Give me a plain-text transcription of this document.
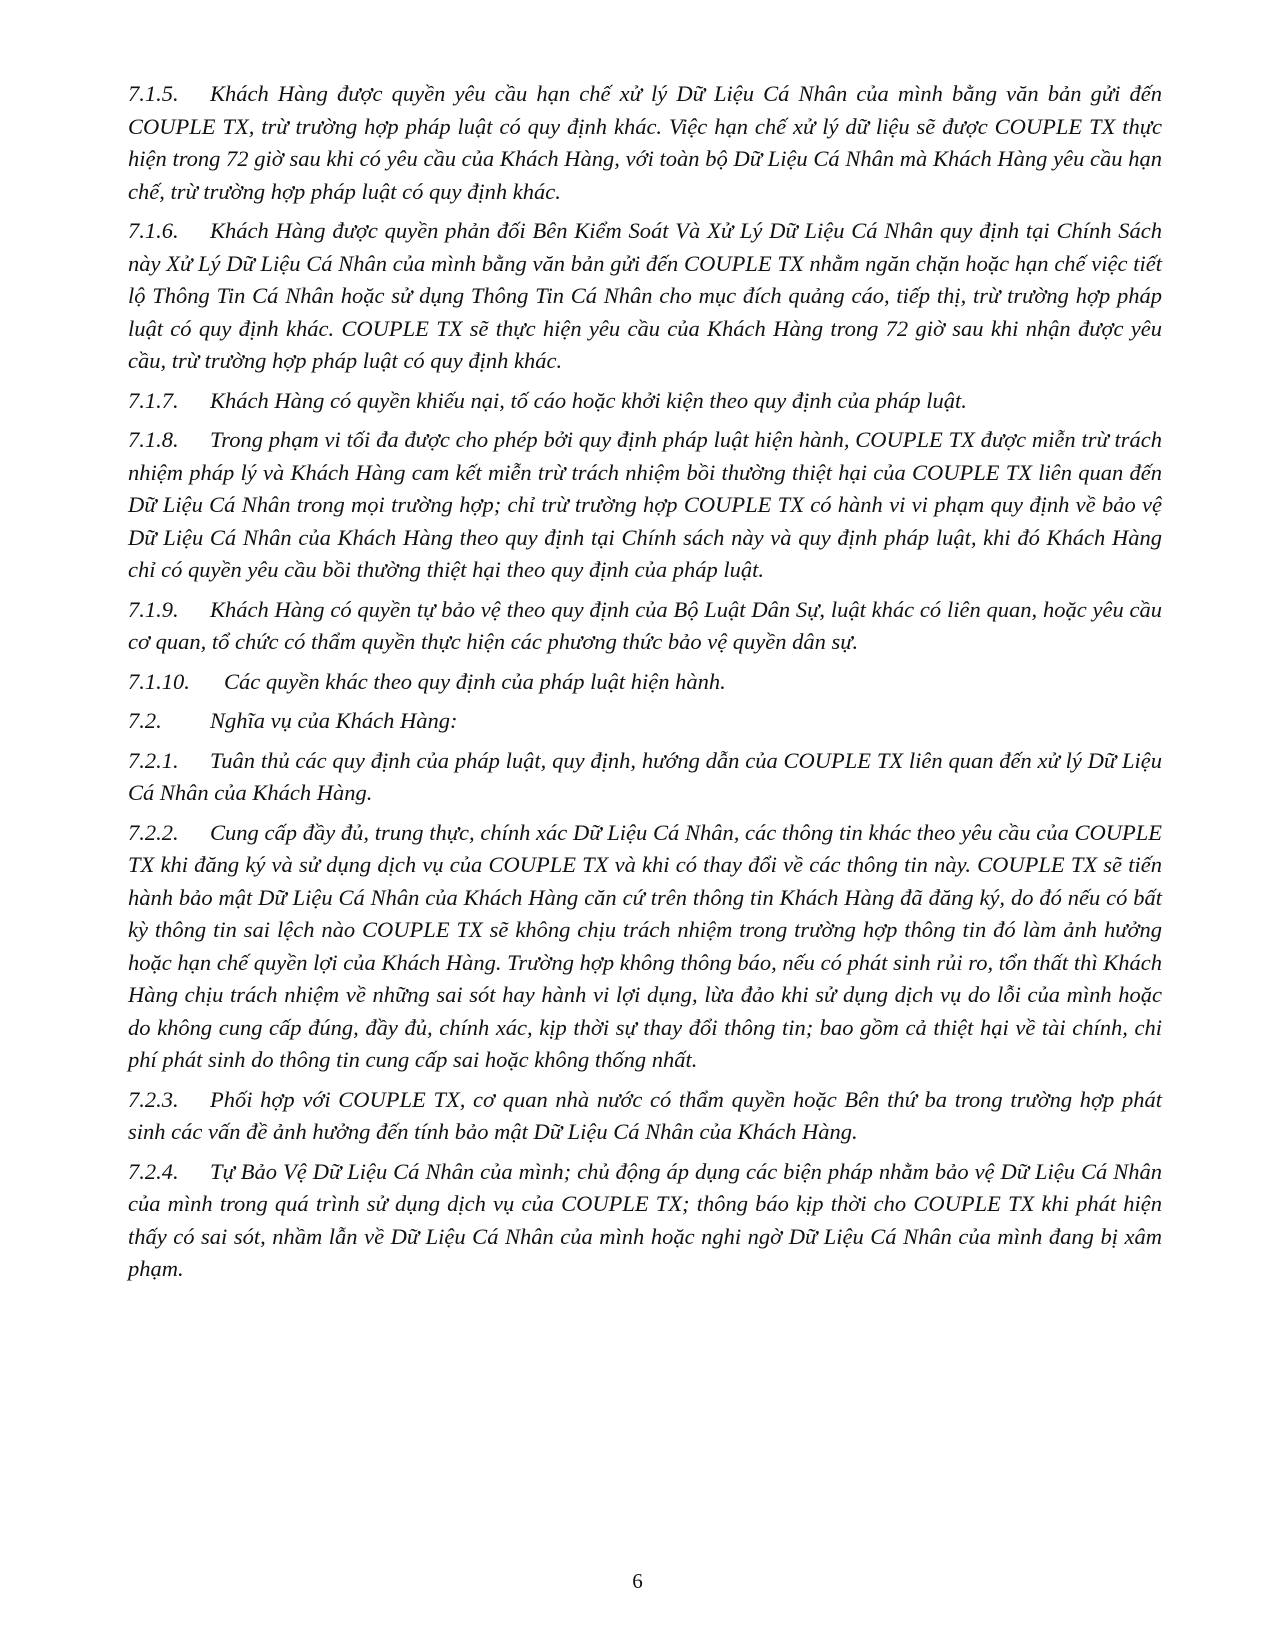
7.1.5. Khách Hàng được quyền yêu cầu hạn chế xử lý Dữ Liệu Cá Nhân của mình bằng văn bản gửi đến COUPLE TX, trừ trường hợp pháp luật có quy định khác. Việc hạn chế xử lý dữ liệu sẽ được COUPLE TX thực hiện trong 72 giờ sau khi có yêu cầu của Khách Hàng, với toàn bộ Dữ Liệu Cá Nhân mà Khách Hàng yêu cầu hạn chế, trừ trường hợp pháp luật có quy định khác.

7.1.6. Khách Hàng được quyền phản đối Bên Kiểm Soát Và Xử Lý Dữ Liệu Cá Nhân quy định tại Chính Sách này Xử Lý Dữ Liệu Cá Nhân của mình bằng văn bản gửi đến COUPLE TX nhằm ngăn chặn hoặc hạn chế việc tiết lộ Thông Tin Cá Nhân hoặc sử dụng Thông Tin Cá Nhân cho mục đích quảng cáo, tiếp thị, trừ trường hợp pháp luật có quy định khác. COUPLE TX sẽ thực hiện yêu cầu của Khách Hàng trong 72 giờ sau khi nhận được yêu cầu, trừ trường hợp pháp luật có quy định khác.

7.1.7. Khách Hàng có quyền khiếu nại, tố cáo hoặc khởi kiện theo quy định của pháp luật.

7.1.8. Trong phạm vi tối đa được cho phép bởi quy định pháp luật hiện hành, COUPLE TX được miễn trừ trách nhiệm pháp lý và Khách Hàng cam kết miễn trừ trách nhiệm bồi thường thiệt hại của COUPLE TX liên quan đến Dữ Liệu Cá Nhân trong mọi trường hợp; chỉ trừ trường hợp COUPLE TX có hành vi vi phạm quy định về bảo vệ Dữ Liệu Cá Nhân của Khách Hàng theo quy định tại Chính sách này và quy định pháp luật, khi đó Khách Hàng chỉ có quyền yêu cầu bồi thường thiệt hại theo quy định của pháp luật.

7.1.9. Khách Hàng có quyền tự bảo vệ theo quy định của Bộ Luật Dân Sự, luật khác có liên quan, hoặc yêu cầu cơ quan, tổ chức có thẩm quyền thực hiện các phương thức bảo vệ quyền dân sự.

7.1.10. Các quyền khác theo quy định của pháp luật hiện hành.

7.2. Nghĩa vụ của Khách Hàng:

7.2.1. Tuân thủ các quy định của pháp luật, quy định, hướng dẫn của COUPLE TX liên quan đến xử lý Dữ Liệu Cá Nhân của Khách Hàng.

7.2.2. Cung cấp đầy đủ, trung thực, chính xác Dữ Liệu Cá Nhân, các thông tin khác theo yêu cầu của COUPLE TX khi đăng ký và sử dụng dịch vụ của COUPLE TX và khi có thay đổi về các thông tin này. COUPLE TX sẽ tiến hành bảo mật Dữ Liệu Cá Nhân của Khách Hàng căn cứ trên thông tin Khách Hàng đã đăng ký, do đó nếu có bất kỳ thông tin sai lệch nào COUPLE TX sẽ không chịu trách nhiệm trong trường hợp thông tin đó làm ảnh hưởng hoặc hạn chế quyền lợi của Khách Hàng. Trường hợp không thông báo, nếu có phát sinh rủi ro, tổn thất thì Khách Hàng chịu trách nhiệm về những sai sót hay hành vi lợi dụng, lừa đảo khi sử dụng dịch vụ do lỗi của mình hoặc do không cung cấp đúng, đầy đủ, chính xác, kịp thời sự thay đổi thông tin; bao gồm cả thiệt hại về tài chính, chi phí phát sinh do thông tin cung cấp sai hoặc không thống nhất.

7.2.3. Phối hợp với COUPLE TX, cơ quan nhà nước có thẩm quyền hoặc Bên thứ ba trong trường hợp phát sinh các vấn đề ảnh hưởng đến tính bảo mật Dữ Liệu Cá Nhân của Khách Hàng.

7.2.4. Tự Bảo Vệ Dữ Liệu Cá Nhân của mình; chủ động áp dụng các biện pháp nhằm bảo vệ Dữ Liệu Cá Nhân của mình trong quá trình sử dụng dịch vụ của COUPLE TX; thông báo kịp thời cho COUPLE TX khi phát hiện thấy có sai sót, nhầm lẫn về Dữ Liệu Cá Nhân của mình hoặc nghi ngờ Dữ Liệu Cá Nhân của mình đang bị xâm phạm.

6
